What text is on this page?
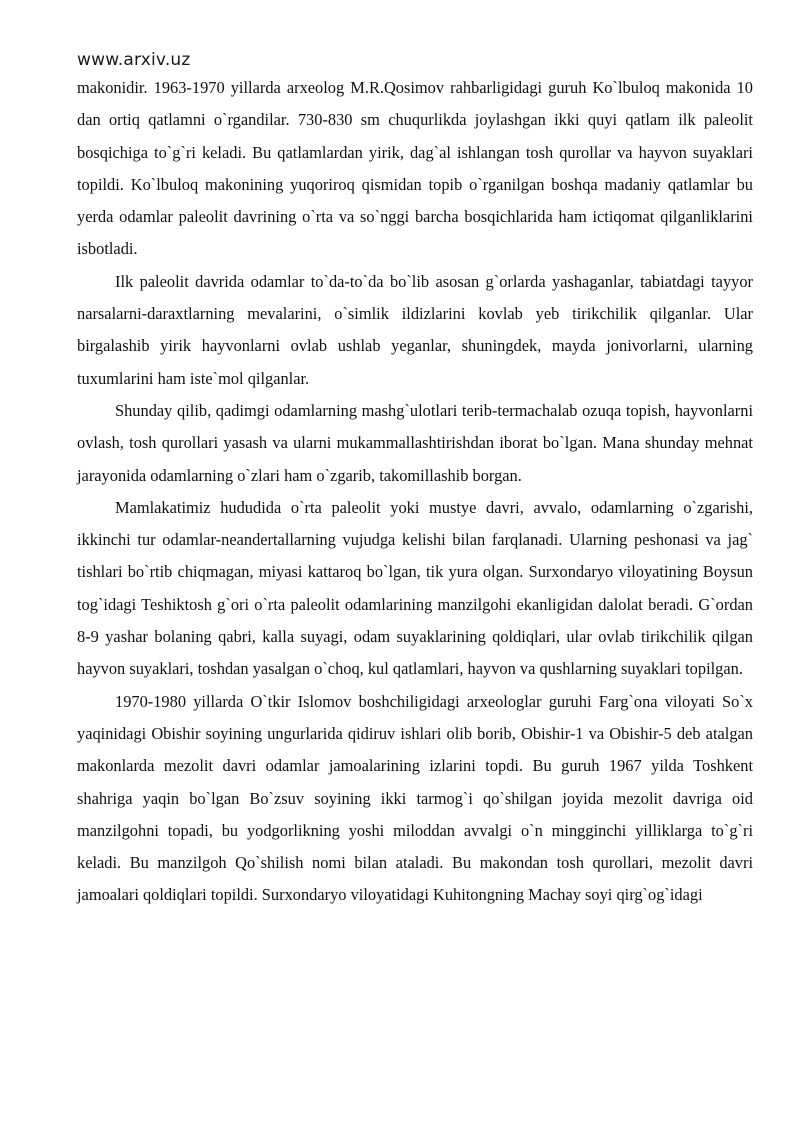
www.arxiv.uz

makonidir. 1963-1970 yillarda arxeolog M.R.Qosimov rahbarligidagi guruh Ko`lbuloq makonida 10 dan ortiq qatlamni o`rgandilar. 730-830 sm chuqurlikda joylashgan ikki quyi qatlam ilk paleolit bosqichiga to`g`ri keladi. Bu qatlamlardan yirik, dag`al ishlangan tosh qurollar va hayvon suyaklari topildi. Ko`lbuloq makonining yuqoriroq qismidan topib o`rganilgan boshqa madaniy qatlamlar bu yerda odamlar paleolit davrining o`rta va so`nggi barcha bosqichlarida ham ictiqomat qilganliklarini isbotladi.

Ilk paleolit davrida odamlar to`da-to`da bo`lib asosan g`orlarda yashaganlar, tabiatdagi tayyor narsalarni-daraxtlarning mevalarini, o`simlik ildizlarini kovlab yeb tirikchilik qilganlar. Ular birgalashib yirik hayvonlarni ovlab ushlab yeganlar, shuningdek, mayda jonivorlarni, ularning tuxumlarini ham iste`mol qilganlar.

Shunday qilib, qadimgi odamlarning mashg`ulotlari terib-termachalab ozuqa topish, hayvonlarni ovlash, tosh qurollari yasash va ularni mukammallashtirishdan iborat bo`lgan. Mana shunday mehnat jarayonida odamlarning o`zlari ham o`zgarib, takomillashib borgan.

Mamlakatimiz hududida o`rta paleolit yoki mustye davri, avvalo, odamlarning o`zgarishi, ikkinchi tur odamlar-neandertallarning vujudga kelishi bilan farqlanadi. Ularning peshonasi va jag` tishlari bo`rtib chiqmagan, miyasi kattaroq bo`lgan, tik yura olgan. Surxondaryo viloyatining Boysun tog`idagi Teshiktosh g`ori o`rta paleolit odamlarining manzilgohi ekanligidan dalolat beradi. G`ordan 8-9 yashar bolaning qabri, kalla suyagi, odam suyaklarining qoldiqlari, ular ovlab tirikchilik qilgan hayvon suyaklari, toshdan yasalgan o`choq, kul qatlamlari, hayvon va qushlarning suyaklari topilgan.

1970-1980 yillarda O`tkir Islomov boshchiligidagi arxeologlar guruhi Farg`ona viloyati So`x yaqinidagi Obishir soyining ungurlarida qidiruv ishlari olib borib, Obishir-1 va Obishir-5 deb atalgan makonlarda mezolit davri odamlar jamoalarining izlarini topdi. Bu guruh 1967 yilda Toshkent shahriga yaqin bo`lgan Bo`zsuv soyining ikki tarmog`i qo`shilgan joyida mezolit davriga oid manzilgohni topadi, bu yodgorlikning yoshi miloddan avvalgi o`n mingginchi yilliklarga to`g`ri keladi. Bu manzilgoh Qo`shilish nomi bilan ataladi. Bu makondan tosh qurollari, mezolit davri jamoalari qoldiqlari topildi. Surxondaryo viloyatidagi Kuhitongning Machay soyi qirg`og`idagi
